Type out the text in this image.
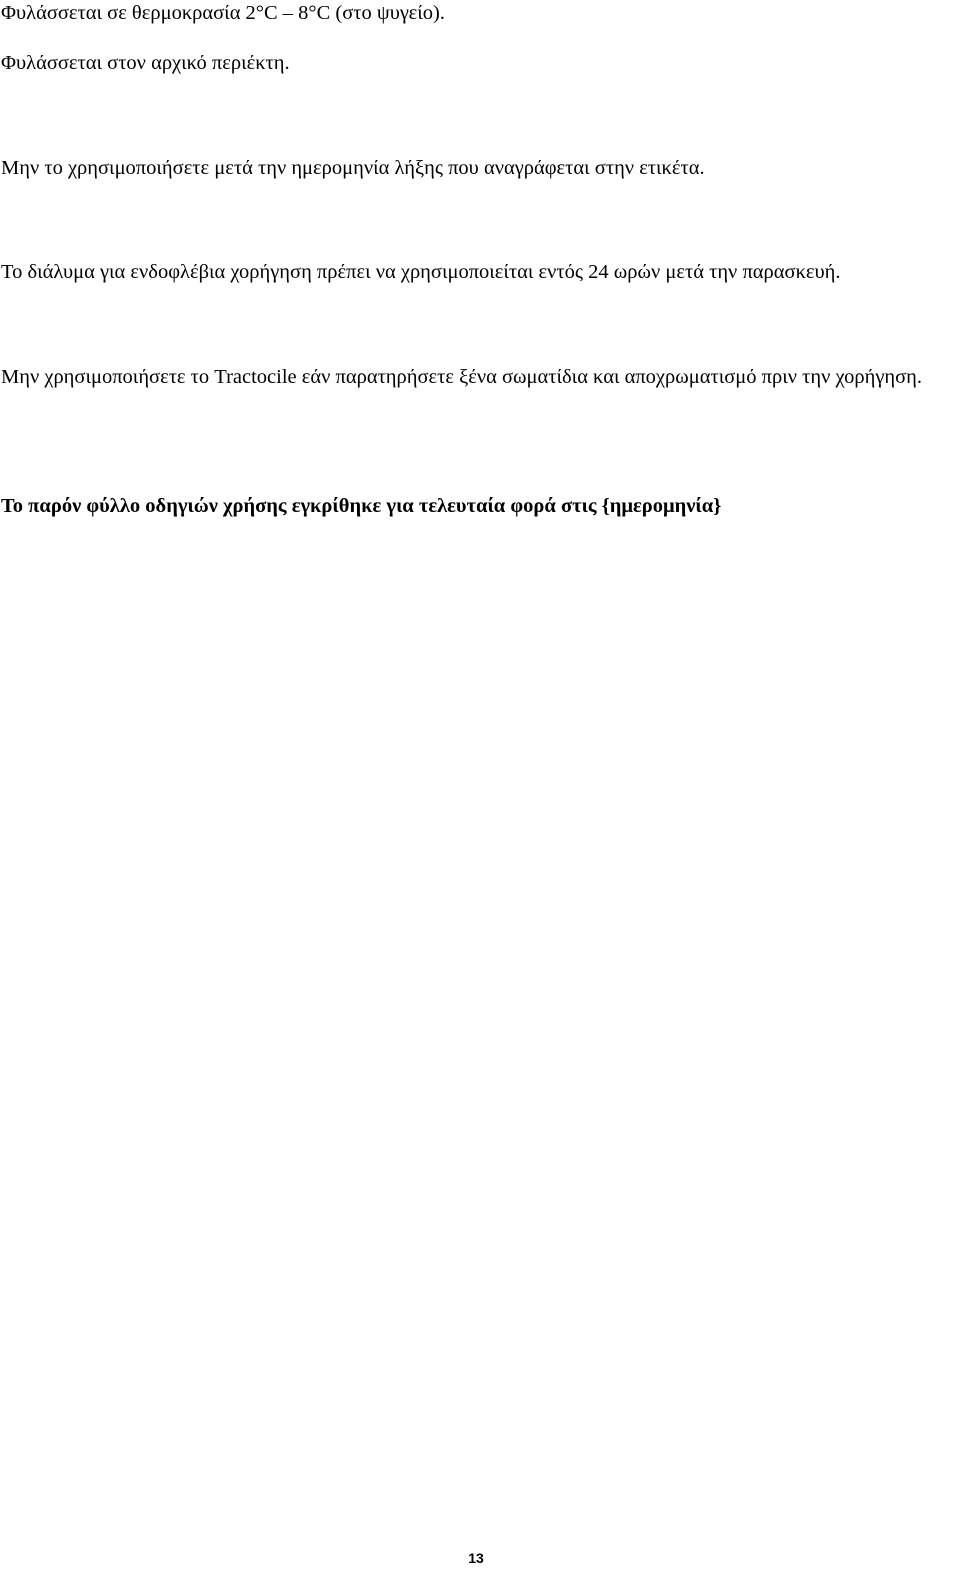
Φυλάσσεται σε θερμοκρασία 2°C – 8°C (στο ψυγείο).

Φυλάσσεται στον αρχικό περιέκτη.

Μην το χρησιμοποιήσετε μετά την ημερομηνία λήξης που αναγράφεται στην ετικέτα.

Το διάλυμα για ενδοφλέβια χορήγηση πρέπει να χρησιμοποιείται εντός 24 ωρών μετά την παρασκευή.

Μην χρησιμοποιήσετε το Tractocile εάν παρατηρήσετε ξένα σωματίδια και αποχρωματισμό πριν την χορήγηση.

Το παρόν φύλλο οδηγιών χρήσης εγκρίθηκε για τελευταία φορά στις {ημερομηνία}

13
